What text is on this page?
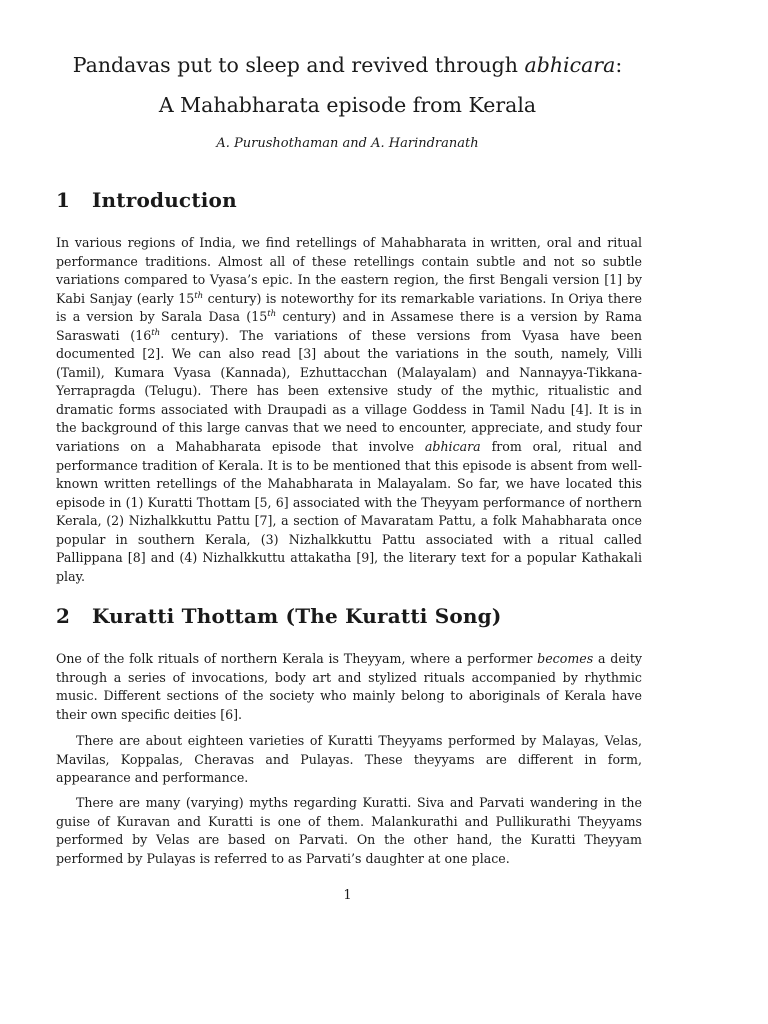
Pandavas put to sleep and revived through abhicara:
A Mahabharata episode from Kerala
A. Purushothaman and A. Harindranath
1 Introduction

In various regions of India, we find retellings of Mahabharata in written, oral and ritual performance traditions. Almost all of these retellings contain subtle and not so subtle variations compared to Vyasa’s epic. In the eastern region, the first Bengali version [1] by Kabi Sanjay (early 15th century) is noteworthy for its remarkable variations. In Oriya there is a version by Sarala Dasa (15th century) and in Assamese there is a version by Rama Saraswati (16th century). The variations of these versions from Vyasa have been documented [2]. We can also read [3] about the variations in the south, namely, Villi (Tamil), Kumara Vyasa (Kannada), Ezhuttacchan (Malayalam) and Nannayya-Tikkana-Yerrapragda (Telugu). There has been extensive study of the mythic, ritualistic and dramatic forms associated with Draupadi as a village Goddess in Tamil Nadu [4]. It is in the background of this large canvas that we need to encounter, appreciate, and study four variations on a Mahabharata episode that involve abhicara from oral, ritual and performance tradition of Kerala. It is to be mentioned that this episode is absent from well-known written retellings of the Mahabharata in Malayalam. So far, we have located this episode in (1) Kuratti Thottam [5, 6] associated with the Theyyam performance of northern Kerala, (2) Nizhalkkuttu Pattu [7], a section of Mavaratam Pattu, a folk Mahabharata once popular in southern Kerala, (3) Nizhalkkuttu Pattu associated with a ritual called Pallippana [8] and (4) Nizhalkkuttu attakatha [9], the literary text for a popular Kathakali play.

2 Kuratti Thottam (The Kuratti Song)

One of the folk rituals of northern Kerala is Theyyam, where a performer becomes a deity through a series of invocations, body art and stylized rituals accompanied by rhythmic music. Different sections of the society who mainly belong to aboriginals of Kerala have their own specific deities [6].

There are about eighteen varieties of Kuratti Theyyams performed by Malayas, Velas, Mavilas, Koppalas, Cheravas and Pulayas. These theyyams are different in form, appearance and performance.

There are many (varying) myths regarding Kuratti. Siva and Parvati wandering in the guise of Kuravan and Kuratti is one of them. Malankurathi and Pullikurathi Theyyams performed by Velas are based on Parvati. On the other hand, the Kuratti Theyyam performed by Pulayas is referred to as Parvati’s daughter at one place.

1
